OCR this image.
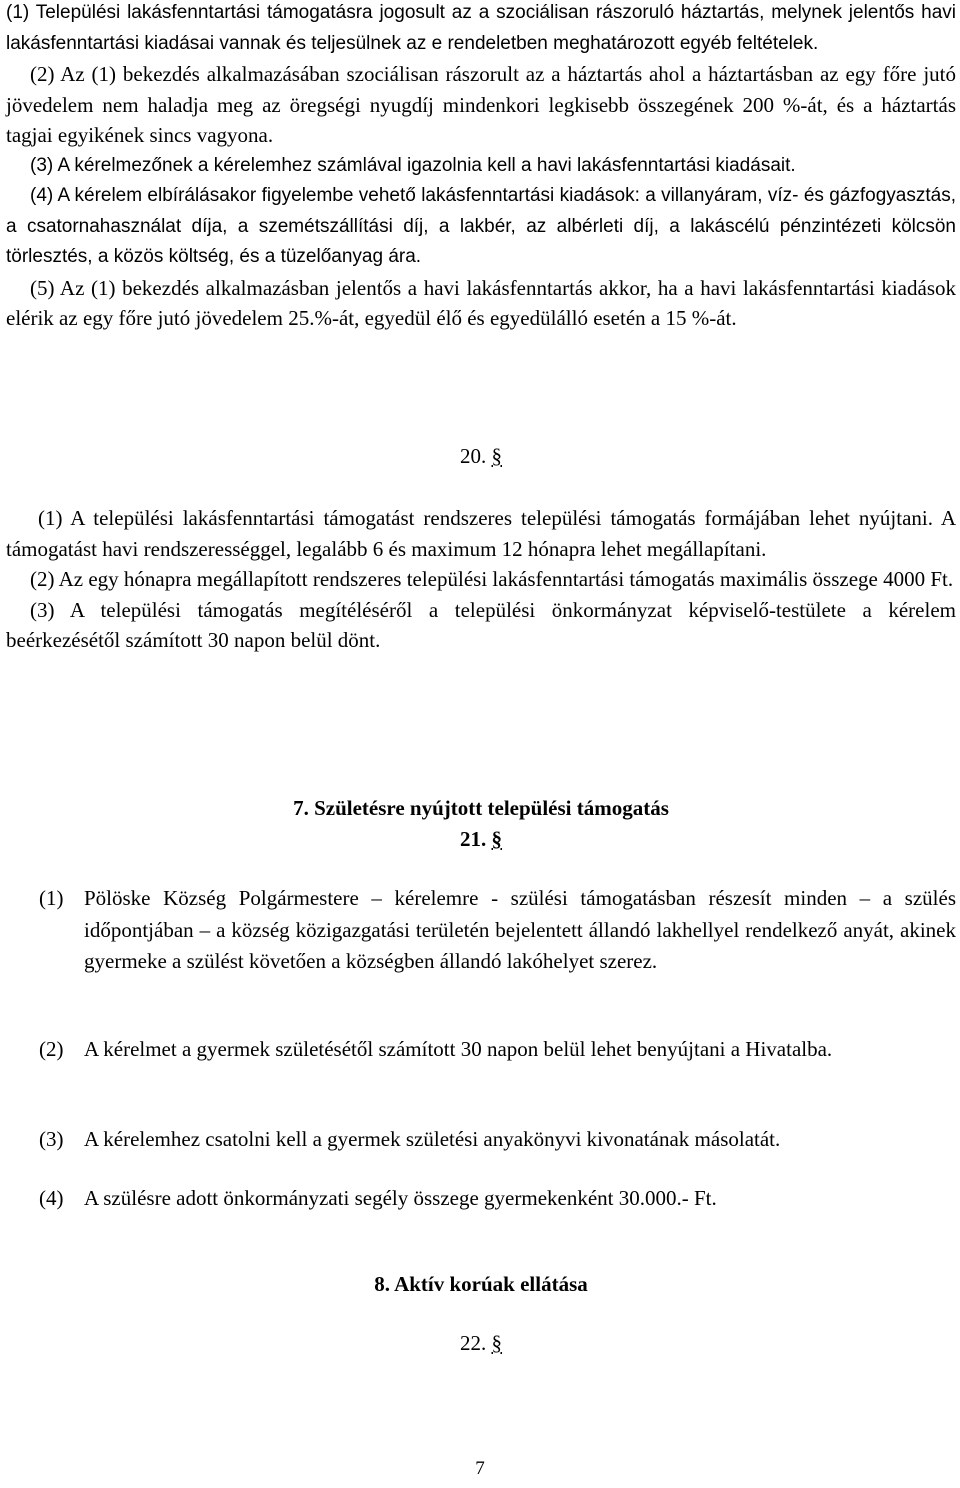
(1) Települési lakásfenntartási támogatásra jogosult az a szociálisan rászoruló háztartás, melynek jelentős havi lakásfenntartási kiadásai vannak és teljesülnek az e rendeletben meghatározott egyéb feltételek.

(2) Az (1) bekezdés alkalmazásában szociálisan rászorult az a háztartás ahol a háztartásban az egy főre jutó jövedelem nem haladja meg az öregségi nyugdíj mindenkori legkisebb összegének 200 %-át, és a háztartás tagjai egyikének sincs vagyona.

(3) A kérelmezőnek a kérelemhez számlával igazolnia kell a havi lakásfenntartási kiadásait.

(4) A kérelem elbírálásakor figyelembe vehető lakásfenntartási kiadások: a villanyáram, víz- és gázfogyasztás, a csatornahasználat díja, a szemétszállítási díj, a lakbér, az albérleti díj, a lakáscélú pénzintézeti kölcsön törlesztés, a közös költség, és a tüzelőanyag ára.

(5) Az (1) bekezdés alkalmazásban jelentős a havi lakásfenntartás akkor, ha a havi lakásfenntartási kiadások elérik az egy főre jutó jövedelem 25.%-át, egyedül élő és egyedülálló esetén a 15 %-át.

20. §

(1) A települési lakásfenntartási támogatást rendszeres települési támogatás formájában lehet nyújtani. A támogatást havi rendszerességgel, legalább 6 és maximum 12 hónapra lehet megállapítani.

(2) Az egy hónapra megállapított rendszeres települési lakásfenntartási támogatás maximális összege 4000 Ft.

(3) A települési támogatás megítéléséről a települési önkormányzat képviselő-testülete a kérelem beérkezésétől számított 30 napon belül dönt.

7. Születésre nyújtott települési támogatás
21. §
(1) Pölöske Község Polgármestere – kérelemre - szülési támogatásban részesít minden – a szülés időpontjában – a község közigazgatási területén bejelentett állandó lakhellyel rendelkező anyát, akinek gyermeke a szülést követően a községben állandó lakóhelyet szerez.
(2) A kérelmet a gyermek születésétől számított 30 napon belül lehet benyújtani a Hivatalba.
(3) A kérelemhez csatolni kell a gyermek születési anyakönyvi kivonatának másolatát.
(4) A szülésre adott önkormányzati segély összege gyermekenként 30.000.- Ft.
8. Aktív korúak ellátása
22. §
7
